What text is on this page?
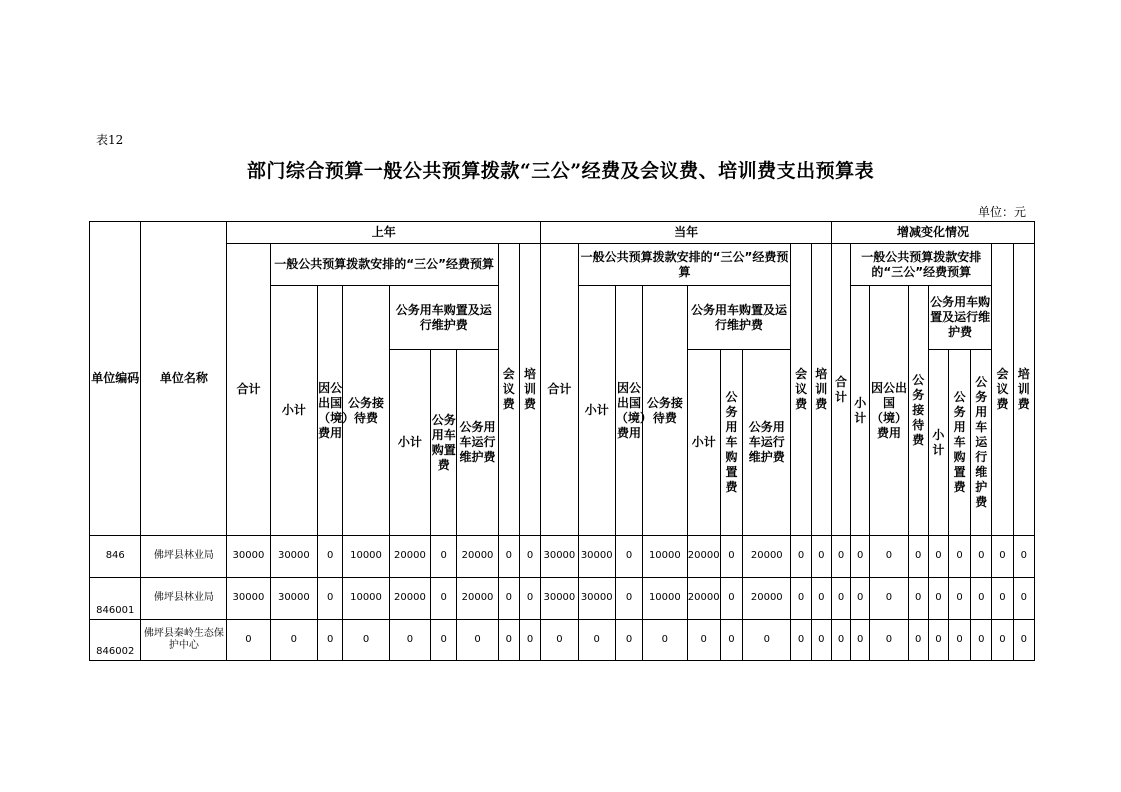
表12
部门综合预算一般公共预算拨款“三公”经费及会议费、培训费支出预算表
单位：元
单位编码	单位名称	上年									当年									增减变化情况								
		合计	一般公共预算拨款安排的“三公”经费预算						会议费	培训费	合计	一般公共预算拨款安排的“三公”经费预算						会议费	培训费	合计	一般公共预算拨款安排的“三公”经费预算						会议费	培训费
			小计	因公出国（境）费用	公务接待费	公务用车购置及运行维护费						小计	因公出国（境）费用	公务接待费	公务用车购置及运行维护费						小计	因公出国（境）费用	公务接待费	公务用车购置及运行维护费				
						小计	公务用车购置费	公务用车运行维护费							小计	公务用车购置费	公务用车运行维护费							小计	公务用车购置费	公务用车运行维护费		
846	佛坪县林业局	30000	30000	0	10000	20000	0	20000	0	0	30000	30000	0	10000	20000	0	20000	0	0	0	0	0	0	0	0	0	0	0
846001	佛坪县林业局	30000	30000	0	10000	20000	0	20000	0	0	30000	30000	0	10000	20000	0	20000	0	0	0	0	0	0	0	0	0	0	0
846002	佛坪县秦岭生态保护中心	0	0	0	0	0	0	0	0	0	0	0	0	0	0	0	0	0	0	0	0	0	0	0	0	0	0	0
